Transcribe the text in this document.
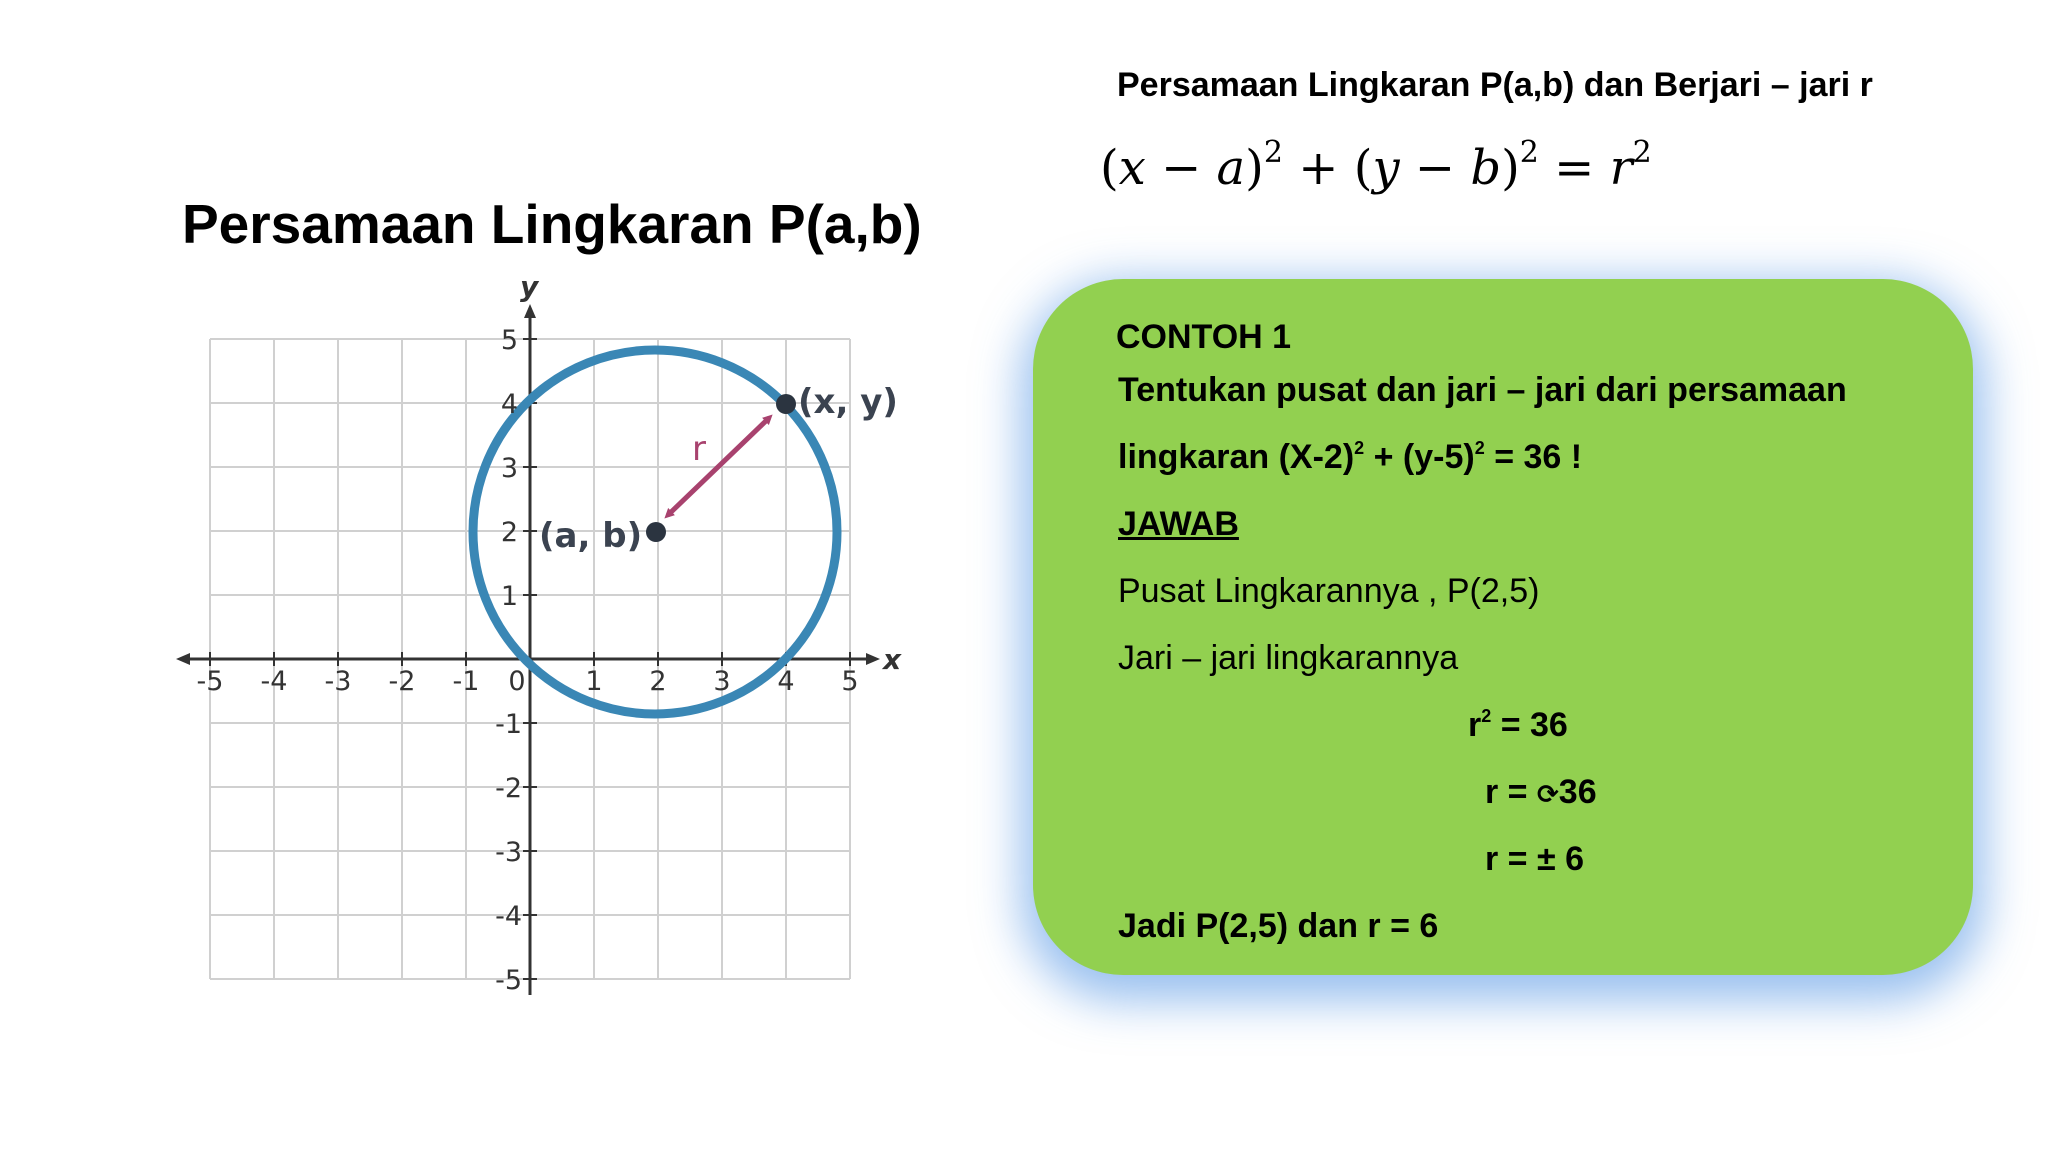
Persamaan Lingkaran P(a,b)
x
y
(a, b)
(x, y)
r
-5 -4 -3 -2 -1 0 1 2 3 4 5
5
4
3
2
1
-1
-2
-3
-4
-5
Persamaan Lingkaran P(a,b) dan Berjari – jari r
$(x - a)^2 + (y - b)^2 = r^2$
CONTOH 1
Tentukan pusat dan jari – jari dari persamaan
lingkaran $(X-2)^2 + (y-5)^2 = 36$ !
JAWAB
Pusat Lingkarannya , P(2,5)
Jari – jari lingkarannya
$r^2 = 36$
r = ⟳36
r = ± 6
Jadi P(2,5) dan r = 6
